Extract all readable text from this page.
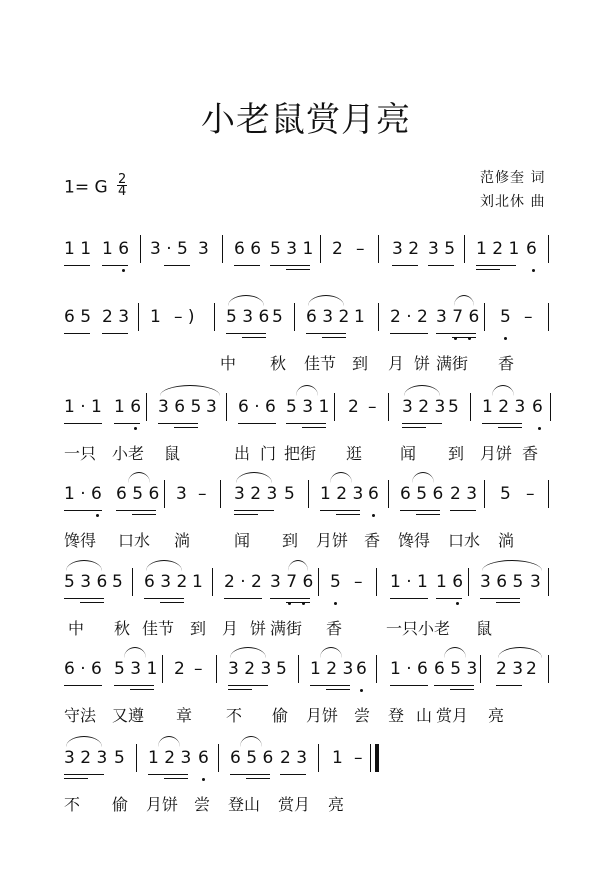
小老鼠赏月亮
1= G $\frac{2}{4}$	范修奎 词
刘北休 曲
1 1 1 6 3 · 5 3 6 6 5 3 1 2 – 3 2 3 5 1 2 1 6
6 5 2 3 1 – ) 5 3 6 5 6 3 2 1 2 · 2 3 7 6 5 –
中 秋 佳节 到 月 饼 满街 香
1 · 1 1 6 3 6 5 3 6 · 6 5 3 1 2 – 3 2 3 5 1 2 3 6
一只 小老 鼠	出 门 把街 逛 闻 到 月饼 香
1 · 6 6 5 6 3 – 3 2 3 5 1 2 3 6 6 5 6 2 3 5 –
馋得 口水 淌	闻 到 月饼 香 馋得 口水 淌
5 3 6 5 6 3 2 1 2 · 2 3 7 6 5 – 1 · 1 1 6 3 6 5 3
中 秋 佳节 到 月 饼 满街 香	一只 小老 鼠
6 · 6 5 3 1 2 – 3 2 3 5 1 2 3 6 1 · 6 6 5 3 2 3 2
守法 又遵 章 不 偷 月饼 尝 登 山 赏月 亮
3 2 3 5 1 2 3 6 6 5 6 2 3 1 –
不 偷 月饼 尝 登山 赏月 亮
